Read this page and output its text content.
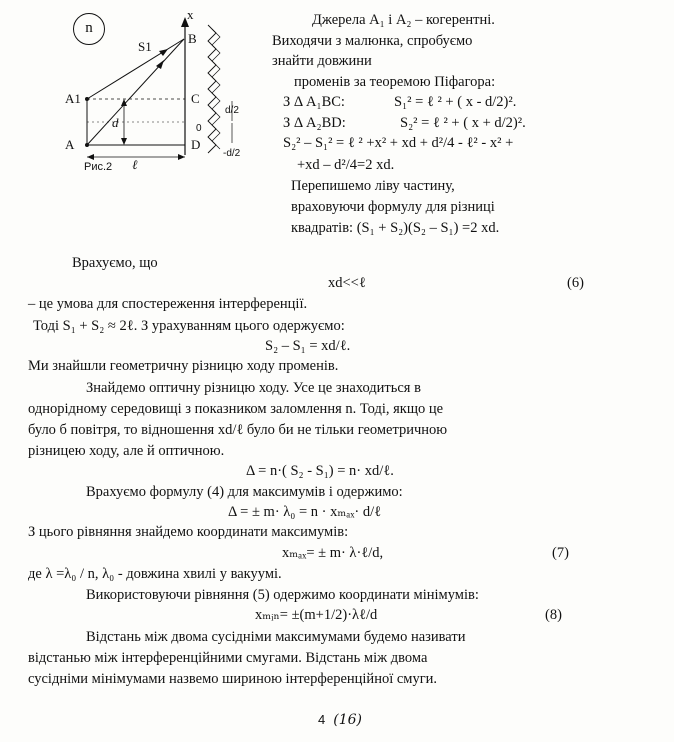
n
x
S1
B
A1	C
A	D
d	0
d/2
-d/2
ℓ
Рис.2
Джерела A₁ і A₂ – когерентні.
Виходячи з малюнка, спробуємо
знайти довжини
променів за теоремою Піфагора:
З Δ A₁BC:	S₁² = ℓ ² + ( x - d/2)².
З Δ A₂BD:	S₂² = ℓ ² + ( x + d/2)².
S₂² – S₁² = ℓ ² +x² + xd + d²/4 - ℓ² - x² +
+xd – d²/4=2 xd.
Перепишемо ліву частину,
враховуючи формулу для різниці
квадратів: (S₁ + S₂)(S₂ – S₁) =2 xd.
Врахуємо, що
xd<<ℓ	(6)
– це умова для спостереження інтерференції.
Тоді S₁ + S₂ ≈ 2ℓ. З урахуванням цього одержуємо:
S₂ – S₁ = xd/ℓ.
Ми знайшли геометричну різницю ходу променів.
Знайдемо оптичну різницю ходу. Усе це знаходиться в
однорідному середовищі з показником заломлення n. Тоді, якщо це
було б повітря, то відношення xd/ℓ було би не тільки геометричною
різницею ходу, але й оптичною.
Δ = n·( S₂ - S₁) = n· xd/ℓ.
Врахуємо формулу (4) для максимумів і одержимо:
Δ = ± m· λ₀ = n · xₘₐₓ· d/ℓ
З цього рівняння знайдемо координати максимумів:
xₘₐₓ= ± m· λ·ℓ/d,	(7)
де λ =λ₀ / n, λ₀ - довжина хвилі у вакуумі.
Використовуючи рівняння (5) одержимо координати мінімумів:
xₘᵢₙ= ±(m+1/2)·λℓ/d	(8)
Відстань між двома сусідніми максимумами будемо називати
відстанью між інтерференційними смугами. Відстань між двома
сусідніми мінімумами назвемо шириною інтерференційної смуги.
4 (16)
